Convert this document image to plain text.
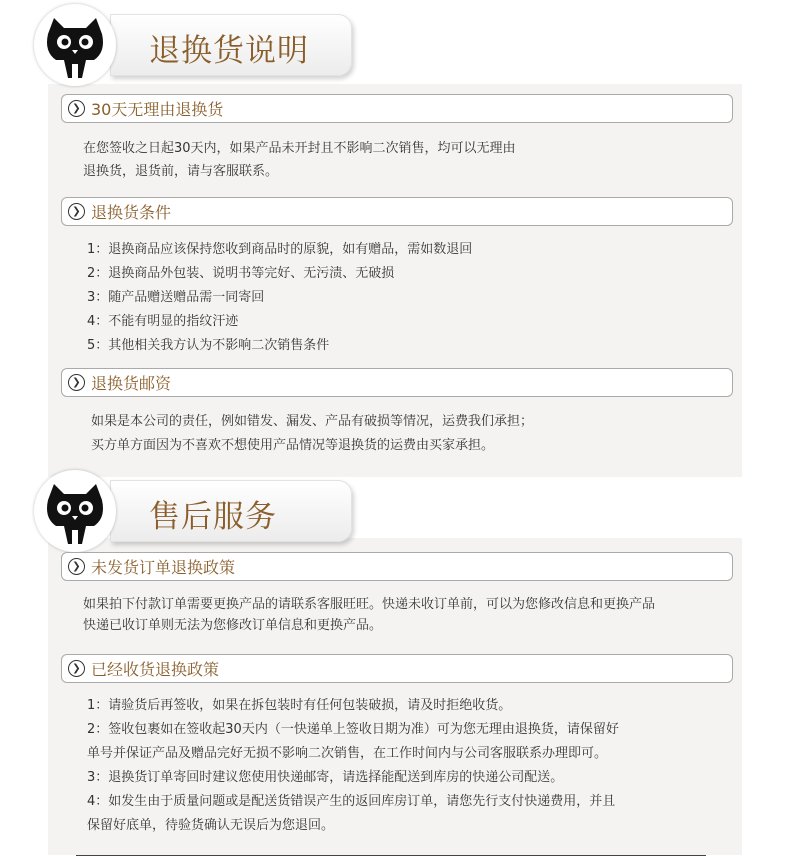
退换货说明
❯ 30天无理由退换货
在您签收之日起30天内，如果产品未开封且不影响二次销售，均可以无理由
退换货，退货前，请与客服联系。
❯ 退换货条件
1：退换商品应该保持您收到商品时的原貌，如有赠品，需如数退回
2：退换商品外包装、说明书等完好、无污渍、无破损
3：随产品赠送赠品需一同寄回
4：不能有明显的指纹汗迹
5：其他相关我方认为不影响二次销售条件
❯ 退换货邮资
如果是本公司的责任，例如错发、漏发、产品有破损等情况，运费我们承担；
买方单方面因为不喜欢不想使用产品情况等退换货的运费由买家承担。
售后服务
❯ 未发货订单退换政策
如果拍下付款订单需要更换产品的请联系客服旺旺。快递未收订单前，可以为您修改信息和更换产品
快递已收订单则无法为您修改订单信息和更换产品。
❯ 已经收货退换政策
1：请验货后再签收，如果在拆包装时有任何包装破损，请及时拒绝收货。
2：签收包裹如在签收起30天内（一快递单上签收日期为准）可为您无理由退换货，请保留好
单号并保证产品及赠品完好无损不影响二次销售，在工作时间内与公司客服联系办理即可。
3：退换货订单寄回时建议您使用快递邮寄，请选择能配送到库房的快递公司配送。
4：如发生由于质量问题或是配送货错误产生的返回库房订单，请您先行支付快递费用，并且
保留好底单，待验货确认无误后为您退回。
